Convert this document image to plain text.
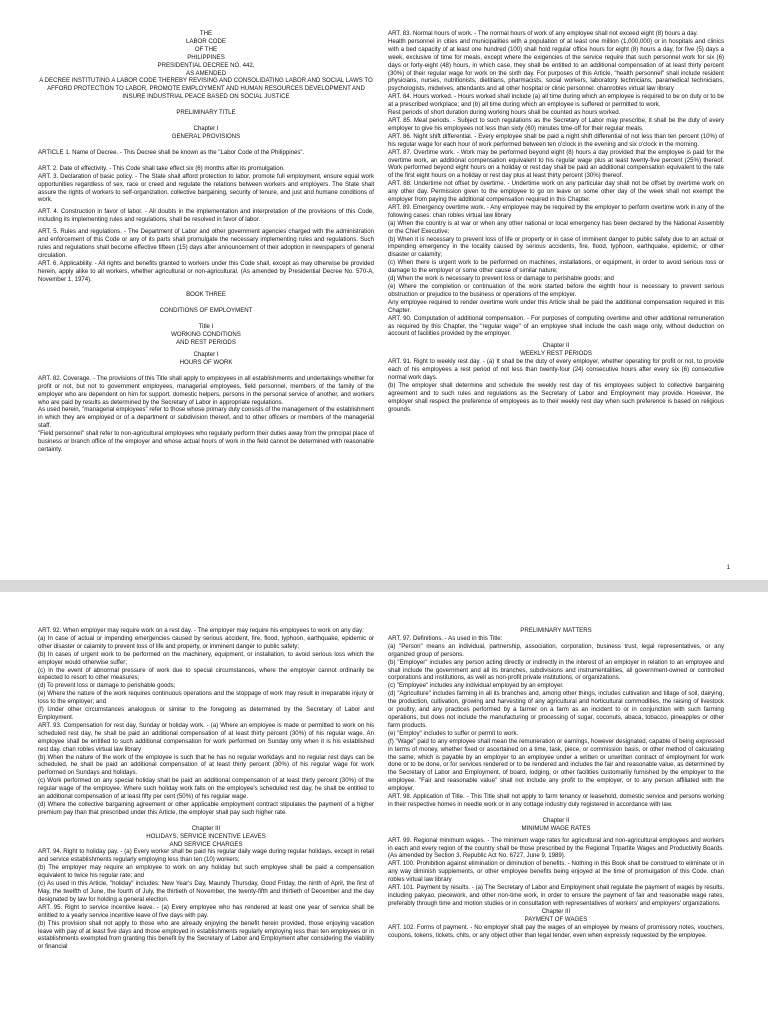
THE
LABOR CODE
OF THE
PHILIPPINES
PRESIDENTIAL DECREE NO. 442,
AS AMENDED
A DECREE INSTITUTING A LABOR CODE THEREBY REVISING AND CONSOLIDATING LABOR AND SOCIAL LAWS TO AFFORD PROTECTION TO LABOR, PROMOTE EMPLOYMENT AND HUMAN RESOURCES DEVELOPMENT AND INSURE INDUSTRIAL PEACE BASED ON SOCIAL JUSTICE
PRELIMINARY TITLE
Chapter I
GENERAL PROVISIONS

ARTICLE 1. Name of Decree. - This Decree shall be known as the "Labor Code of the Philippines".

ART. 2. Date of effectivity. - This Code shall take effect six (6) months after its promulgation.

ART. 3. Declaration of basic policy. - The State shall afford protection to labor, promote full employment, ensure equal work opportunities regardless of sex, race or creed and regulate the relations between workers and employers. The State shall assure the rights of workers to self-organization, collective bargaining, security of tenure, and just and humane conditions of work.

ART. 4. Construction in favor of labor. - All doubts in the implementation and interpretation of the provisions of this Code, including its implementing rules and regulations, shall be resolved in favor of labor.

ART. 5. Rules and regulations. - The Department of Labor and other government agencies charged with the administration and enforcement of this Code or any of its parts shall promulgate the necessary implementing rules and regulations. Such rules and regulations shall become effective fifteen (15) days after announcement of their adoption in newspapers of general circulation.

ART. 6. Applicability. - All rights and benefits granted to workers under this Code shall, except as may otherwise be provided herein, apply alike to all workers, whether agricultural or non-agricultural. (As amended by Presidential Decree No. 570-A, November 1, 1974).

BOOK THREE
CONDITIONS OF EMPLOYMENT
Title I
WORKING CONDITIONS
AND REST PERIODS
Chapter I
HOURS OF WORK

ART. 82. Coverage. - The provisions of this Title shall apply to employees in all establishments and undertakings whether for profit or not, but not to government employees, managerial employees, field personnel, members of the family of the employer who are dependent on him for support, domestic helpers, persons in the personal service of another, and workers who are paid by results as determined by the Secretary of Labor in appropriate regulations.

As used herein, "managerial employees" refer to those whose primary duty consists of the management of the establishment in which they are employed or of a department or subdivision thereof, and to other officers or members of the managerial staff.

"Field personnel" shall refer to non-agricultural employees who regularly perform their duties away from the principal place of business or branch office of the employer and whose actual hours of work in the field cannot be determined with reasonable certainty.

ART. 83. Normal hours of work. - The normal hours of work of any employee shall not exceed eight (8) hours a day.

Health personnel in cities and municipalities with a population of at least one million (1,000,000) or in hospitals and clinics with a bed capacity of at least one hundred (100) shall hold regular office hours for eight (8) hours a day, for five (5) days a week, exclusive of time for meals, except where the exigencies of the service require that such personnel work for six (6) days or forty-eight (48) hours, in which case, they shall be entitled to an additional compensation of at least thirty percent (30%) of their regular wage for work on the sixth day. For purposes of this Article, "health personnel" shall include resident physicians, nurses, nutritionists, dietitians, pharmacists, social workers, laboratory technicians, paramedical technicians, psychologists, midwives, attendants and all other hospital or clinic personnel. chanrobles virtual law library

ART. 84. Hours worked. - Hours worked shall include (a) all time during which an employee is required to be on duty or to be at a prescribed workplace; and (b) all time during which an employee is suffered or permitted to work.

Rest periods of short duration during working hours shall be counted as hours worked.

ART. 85. Meal periods. - Subject to such regulations as the Secretary of Labor may prescribe, it shall be the duty of every employer to give his employees not less than sixty (60) minutes time-off for their regular meals.

ART. 86. Night shift differential. - Every employee shall be paid a night shift differential of not less than ten percent (10%) of his regular wage for each hour of work performed between ten o'clock in the evening and six o'clock in the morning.

ART. 87. Overtime work. - Work may be performed beyond eight (8) hours a day provided that the employee is paid for the overtime work, an additional compensation equivalent to his regular wage plus at least twenty-five percent (25%) thereof. Work performed beyond eight hours on a holiday or rest day shall be paid an additional compensation equivalent to the rate of the first eight hours on a holiday or rest day plus at least thirty percent (30%) thereof.

ART. 88. Undertime not offset by overtime. - Undertime work on any particular day shall not be offset by overtime work on any other day. Permission given to the employee to go on leave on some other day of the week shall not exempt the employer from paying the additional compensation required in this Chapter.

ART. 89. Emergency overtime work. - Any employee may be required by the employer to perform overtime work in any of the following cases: chan robles virtual law library

(a) When the country is at war or when any other national or local emergency has been declared by the National Assembly or the Chief Executive;

(b) When it is necessary to prevent loss of life or property or in case of imminent danger to public safety due to an actual or impending emergency in the locality caused by serious accidents, fire, flood, typhoon, earthquake, epidemic, or other disaster or calamity;

(c) When there is urgent work to be performed on machines, installations, or equipment, in order to avoid serious loss or damage to the employer or some other cause of similar nature;

(d) When the work is necessary to prevent loss or damage to perishable goods; and

(e) Where the completion or continuation of the work started before the eighth hour is necessary to prevent serious obstruction or prejudice to the business or operations of the employer.

Any employee required to render overtime work under this Article shall be paid the additional compensation required in this Chapter.

ART. 90. Computation of additional compensation. - For purposes of computing overtime and other additional remuneration as required by this Chapter, the "regular wage" of an employee shall include the cash wage only, without deduction on account of facilities provided by the employer.

Chapter II
WEEKLY REST PERIODS

ART. 91. Right to weekly rest day. - (a) It shall be the duty of every employer, whether operating for profit or not, to provide each of his employees a rest period of not less than twenty-four (24) consecutive hours after every six (6) consecutive normal work days.

(b) The employer shall determine and schedule the weekly rest day of his employees subject to collective bargaining agreement and to such rules and regulations as the Secretary of Labor and Employment may provide. However, the employer shall respect the preference of employees as to their weekly rest day when such preference is based on religious grounds.

1

ART. 92. When employer may require work on a rest day. - The employer may require his employees to work on any day:

(a) In case of actual or impending emergencies caused by serious accident, fire, flood, typhoon, earthquake, epidemic or other disaster or calamity to prevent loss of life and property, or imminent danger to public safety;

(b) In cases of urgent work to be performed on the machinery, equipment, or installation, to avoid serious loss which the employer would otherwise suffer;

(c) In the event of abnormal pressure of work due to special circumstances, where the employer cannot ordinarily be expected to resort to other measures;

(d) To prevent loss or damage to perishable goods;

(e) Where the nature of the work requires continuous operations and the stoppage of work may result in irreparable injury or loss to the employer; and

(f) Under other circumstances analogous or similar to the foregoing as determined by the Secretary of Labor and Employment.

ART. 93. Compensation for rest day, Sunday or holiday work. - (a) Where an employee is made or permitted to work on his scheduled rest day, he shall be paid an additional compensation of at least thirty percent (30%) of his regular wage. An employee shall be entitled to such additional compensation for work performed on Sunday only when it is his established rest day. chan robles virtual law library

(b) When the nature of the work of the employee is such that he has no regular workdays and no regular rest days can be scheduled, he shall be paid an additional compensation of at least thirty percent (30%) of his regular wage for work performed on Sundays and holidays.

(c) Work performed on any special holiday shall be paid an additional compensation of at least thirty percent (30%) of the regular wage of the employee. Where such holiday work falls on the employee's scheduled rest day, he shall be entitled to an additional compensation of at least fifty per cent (50%) of his regular wage.

(d) Where the collective bargaining agreement or other applicable employment contract stipulates the payment of a higher premium pay than that prescribed under this Article, the employer shall pay such higher rate.

Chapter III
HOLIDAYS, SERVICE INCENTIVE LEAVES
AND SERVICE CHARGES

ART. 94. Right to holiday pay. - (a) Every worker shall be paid his regular daily wage during regular holidays, except in retail and service establishments regularly employing less than ten (10) workers;

(b) The employer may require an employee to work on any holiday but such employee shall be paid a compensation equivalent to twice his regular rate; and

(c) As used in this Article, "holiday" includes: New Year's Day, Maundy Thursday, Good Friday, the ninth of April, the first of May, the twelfth of June, the fourth of July, the thirtieth of November, the twenty-fifth and thirtieth of December and the day designated by law for holding a general election.

ART. 95. Right to service incentive leave. - (a) Every employee who has rendered at least one year of service shall be entitled to a yearly service incentive leave of five days with pay.

(b) This provision shall not apply to those who are already enjoying the benefit herein provided, those enjoying vacation leave with pay of at least five days and those employed in establishments regularly employing less than ten employees or in establishments exempted from granting this benefit by the Secretary of Labor and Employment after considering the viability or financial

PRELIMINARY MATTERS

ART. 97. Definitions. - As used in this Title:

(a) "Person" means an individual, partnership, association, corporation, business trust, legal representatives, or any organized group of persons.

(b) "Employer" includes any person acting directly or indirectly in the interest of an employer in relation to an employee and shall include the government and all its branches, subdivisions and instrumentalities, all government-owned or controlled corporations and institutions, as well as non-profit private institutions, or organizations.

(c) "Employee" includes any individual employed by an employer.

(d) "Agriculture" includes farming in all its branches and, among other things, includes cultivation and tillage of soil, dairying, the production, cultivation, growing and harvesting of any agricultural and horticultural commodities, the raising of livestock or poultry, and any practices performed by a farmer on a farm as an incident to or in conjunction with such farming operations, but does not include the manufacturing or processing of sugar, coconuts, abaca, tobacco, pineapples or other farm products.

(e) "Employ" includes to suffer or permit to work.

(f) "Wage" paid to any employee shall mean the remuneration or earnings, however designated, capable of being expressed in terms of money, whether fixed or ascertained on a time, task, piece, or commission basis, or other method of calculating the same, which is payable by an employer to an employee under a written or unwritten contract of employment for work done or to be done, or for services rendered or to be rendered and includes the fair and reasonable value, as determined by the Secretary of Labor and Employment, of board, lodging, or other facilities customarily furnished by the employer to the employee. "Fair and reasonable value" shall not include any profit to the employer, or to any person affiliated with the employer.

ART. 98. Application of Title. - This Title shall not apply to farm tenancy or leasehold, domestic service and persons working in their respective homes in needle work or in any cottage industry duly registered in accordance with law.

Chapter II
MINIMUM WAGE RATES

ART. 99. Regional minimum wages. - The minimum wage rates for agricultural and non-agricultural employees and workers in each and every region of the country shall be those prescribed by the Regional Tripartite Wages and Productivity Boards. (As amended by Section 3, Republic Act No. 6727, June 9, 1989).

ART. 100. Prohibition against elimination or diminution of benefits. - Nothing in this Book shall be construed to eliminate or in any way diminish supplements, or other employee benefits being enjoyed at the time of promulgation of this Code. chan robles virtual law library

ART. 101. Payment by results. - (a) The Secretary of Labor and Employment shall regulate the payment of wages by results, including pakyao, piecework, and other non-time work, in order to ensure the payment of fair and reasonable wage rates, preferably through time and motion studies or in consultation with representatives of workers' and employers' organizations.

Chapter III
PAYMENT OF WAGES

ART. 102. Forms of payment. - No employer shall pay the wages of an employee by means of promissory notes, vouchers, coupons, tokens, tickets, chits, or any object other than legal tender, even when expressly requested by the employee.
